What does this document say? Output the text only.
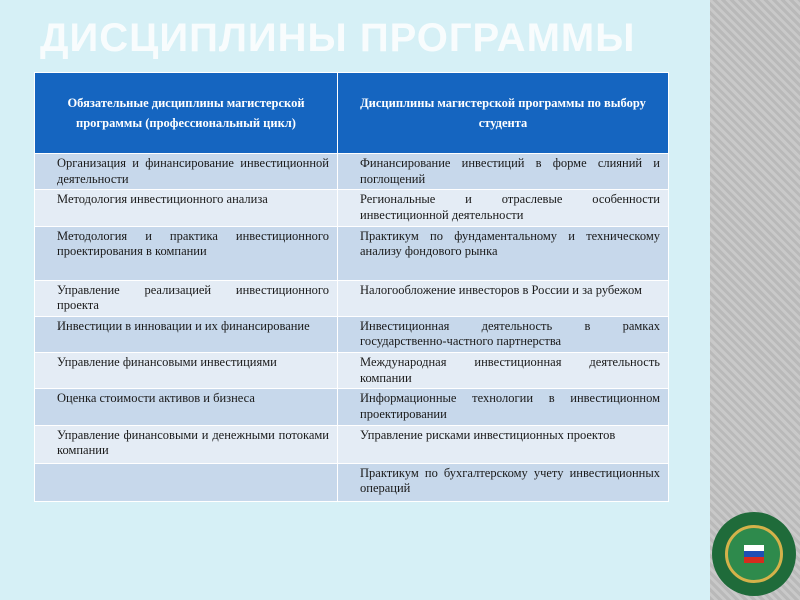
ДИСЦИПЛИНЫ ПРОГРАММЫ
Обязательные дисциплины магистерской программы (профессиональный цикл)	Дисциплины магистерской программы по выбору студента
Организация и финансирование инвестиционной деятельности	Финансирование инвестиций в форме слияний и поглощений
Методология инвестиционного анализа	Региональные и отраслевые особенности инвестиционной деятельности
Методология и практика инвестиционного проектирования в компании	Практикум по фундаментальному и техническому анализу фондового рынка
Управление реализацией инвестиционного проекта	Налогообложение инвесторов в России и за рубежом
Инвестиции в инновации и их финансирование	Инвестиционная деятельность в рамках государственно-частного партнерства
Управление финансовыми инвестициями	Международная инвестиционная деятельность компании
Оценка стоимости активов и бизнеса	Информационные технологии в инвестиционном проектировании
Управление финансовыми и денежными потоками компании	Управление рисками инвестиционных проектов
	Практикум по бухгалтерскому учету инвестиционных операций
